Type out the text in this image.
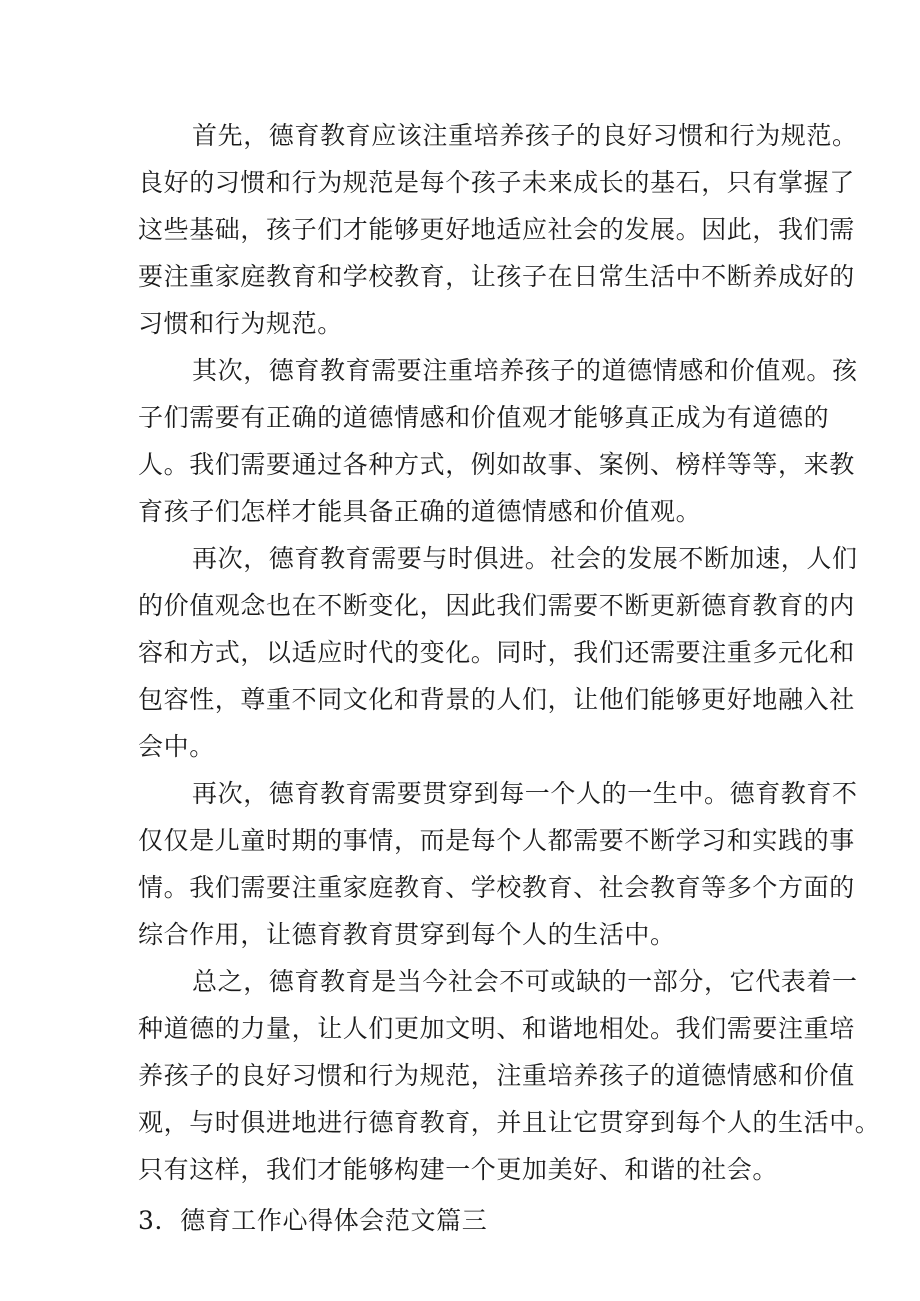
首先，德育教育应该注重培养孩子的良好习惯和行为规范。
良好的习惯和行为规范是每个孩子未来成长的基石，只有掌握了
这些基础，孩子们才能够更好地适应社会的发展。因此，我们需
要注重家庭教育和学校教育，让孩子在日常生活中不断养成好的
习惯和行为规范。
其次，德育教育需要注重培养孩子的道德情感和价值观。孩
子们需要有正确的道德情感和价值观才能够真正成为有道德的
人。我们需要通过各种方式，例如故事、案例、榜样等等，来教
育孩子们怎样才能具备正确的道德情感和价值观。
再次，德育教育需要与时俱进。社会的发展不断加速，人们
的价值观念也在不断变化，因此我们需要不断更新德育教育的内
容和方式，以适应时代的变化。同时，我们还需要注重多元化和
包容性，尊重不同文化和背景的人们，让他们能够更好地融入社
会中。
再次，德育教育需要贯穿到每一个人的一生中。德育教育不
仅仅是儿童时期的事情，而是每个人都需要不断学习和实践的事
情。我们需要注重家庭教育、学校教育、社会教育等多个方面的
综合作用，让德育教育贯穿到每个人的生活中。
总之，德育教育是当今社会不可或缺的一部分，它代表着一
种道德的力量，让人们更加文明、和谐地相处。我们需要注重培
养孩子的良好习惯和行为规范，注重培养孩子的道德情感和价值
观，与时俱进地进行德育教育，并且让它贯穿到每个人的生活中。
只有这样，我们才能够构建一个更加美好、和谐的社会。
3．德育工作心得体会范文篇三
